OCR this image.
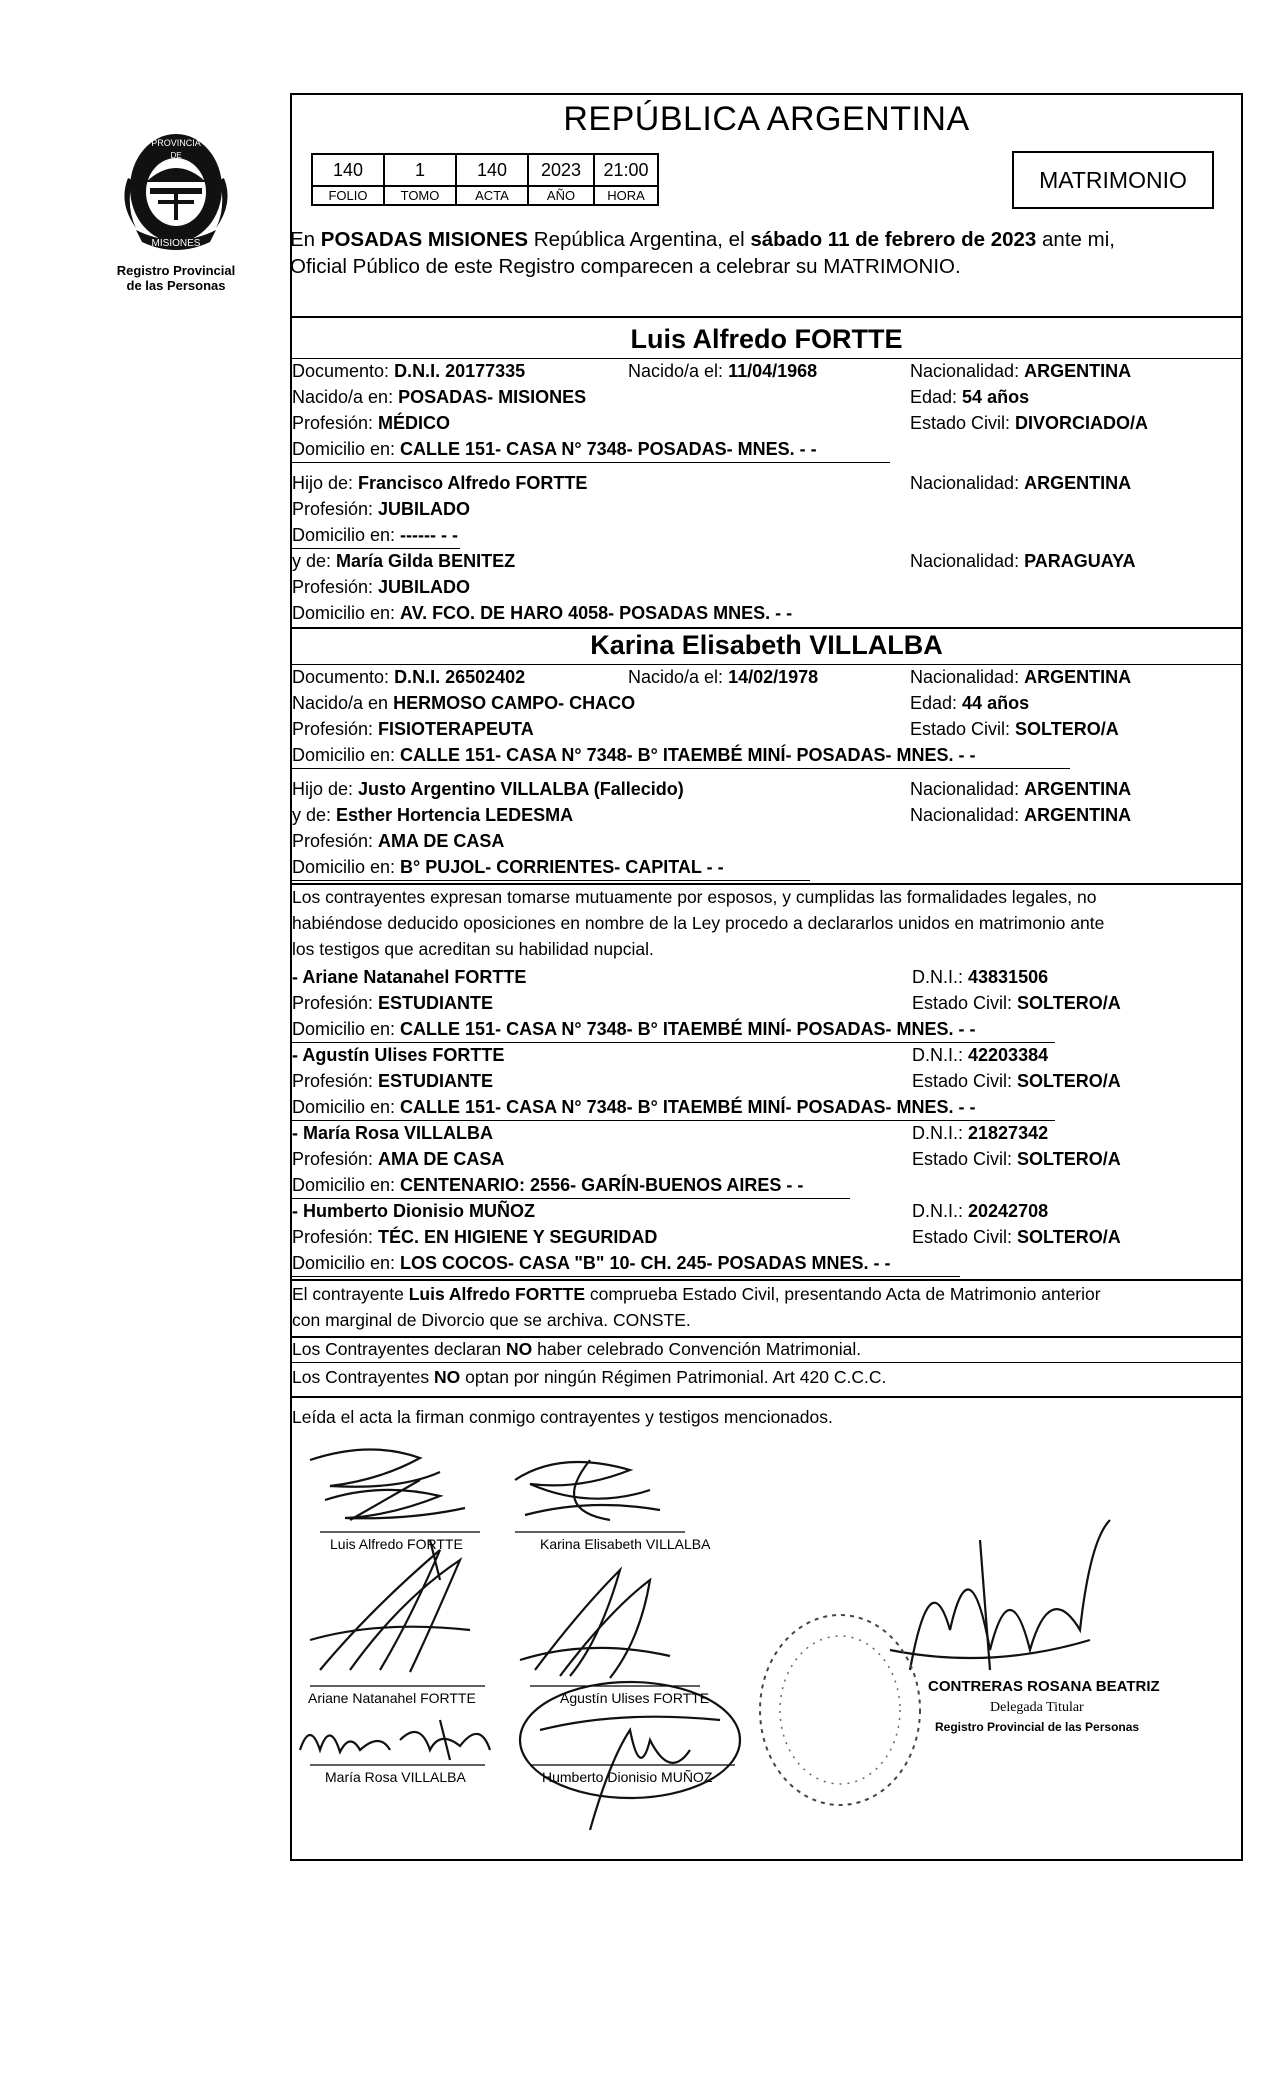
PROVINCIA
DE
MISIONES
Registro Provincial
de las Personas
REPÚBLICA ARGENTINA
140	1	140	2023	21:00
FOLIO	TOMO	ACTA	AÑO	HORA
MATRIMONIO
En POSADAS MISIONES República Argentina, el sábado 11 de febrero de 2023 ante mi,
Oficial Público de este Registro comparecen a celebrar su MATRIMONIO.
Luis Alfredo FORTTE
Documento: D.N.I. 20177335	Nacido/a el: 11/04/1968	Nacionalidad: ARGENTINA
Nacido/a en: POSADAS- MISIONES	Edad: 54 años
Profesión: MÉDICO	Estado Civil: DIVORCIADO/A
Domicilio en: CALLE 151- CASA N° 7348- POSADAS- MNES. - -
Hijo de: Francisco Alfredo FORTTE	Nacionalidad: ARGENTINA
Profesión: JUBILADO
Domicilio en: ------ - -
y de: María Gilda BENITEZ	Nacionalidad: PARAGUAYA
Profesión: JUBILADO
Domicilio en: AV. FCO. DE HARO 4058- POSADAS MNES. - -
Karina Elisabeth VILLALBA
Documento: D.N.I. 26502402	Nacido/a el: 14/02/1978	Nacionalidad: ARGENTINA
Nacido/a en HERMOSO CAMPO- CHACO	Edad: 44 años
Profesión: FISIOTERAPEUTA	Estado Civil: SOLTERO/A
Domicilio en: CALLE 151- CASA N° 7348- B° ITAEMBÉ MINÍ- POSADAS- MNES. - -
Hijo de: Justo Argentino VILLALBA (Fallecido)	Nacionalidad: ARGENTINA
y de: Esther Hortencia LEDESMA	Nacionalidad: ARGENTINA
Profesión: AMA DE CASA
Domicilio en: B° PUJOL- CORRIENTES- CAPITAL - -
Los contrayentes expresan tomarse mutuamente por esposos, y cumplidas las formalidades legales, no
habiéndose deducido oposiciones en nombre de la Ley procedo a declararlos unidos en matrimonio ante
los testigos que acreditan su habilidad nupcial.
- Ariane Natanahel FORTTE	D.N.I.: 43831506
Profesión: ESTUDIANTE	Estado Civil: SOLTERO/A
Domicilio en: CALLE 151- CASA N° 7348- B° ITAEMBÉ MINÍ- POSADAS- MNES. - -
- Agustín Ulises FORTTE	D.N.I.: 42203384
Profesión: ESTUDIANTE	Estado Civil: SOLTERO/A
Domicilio en: CALLE 151- CASA N° 7348- B° ITAEMBÉ MINÍ- POSADAS- MNES. - -
- María Rosa VILLALBA	D.N.I.: 21827342
Profesión: AMA DE CASA	Estado Civil: SOLTERO/A
Domicilio en: CENTENARIO: 2556- GARÍN-BUENOS AIRES - -
- Humberto Dionisio MUÑOZ	D.N.I.: 20242708
Profesión: TÉC. EN HIGIENE Y SEGURIDAD	Estado Civil: SOLTERO/A
Domicilio en: LOS COCOS- CASA "B" 10- CH. 245- POSADAS MNES. - -
El contrayente Luis Alfredo FORTTE comprueba Estado Civil, presentando Acta de Matrimonio anterior
con marginal de Divorcio que se archiva. CONSTE.
Los Contrayentes declaran NO haber celebrado Convención Matrimonial.
Los Contrayentes NO optan por ningún Régimen Patrimonial. Art 420 C.C.C.
Leída el acta la firman conmigo contrayentes y testigos mencionados.
Luis Alfredo FORTTE	Karina Elisabeth VILLALBA
Ariane Natanahel FORTTE	Agustín Ulises FORTTE
María Rosa VILLALBA	Humberto Dionisio MUÑOZ
CONTRERAS ROSANA BEATRIZ
Delegada Titular
Registro Provincial de las Personas
